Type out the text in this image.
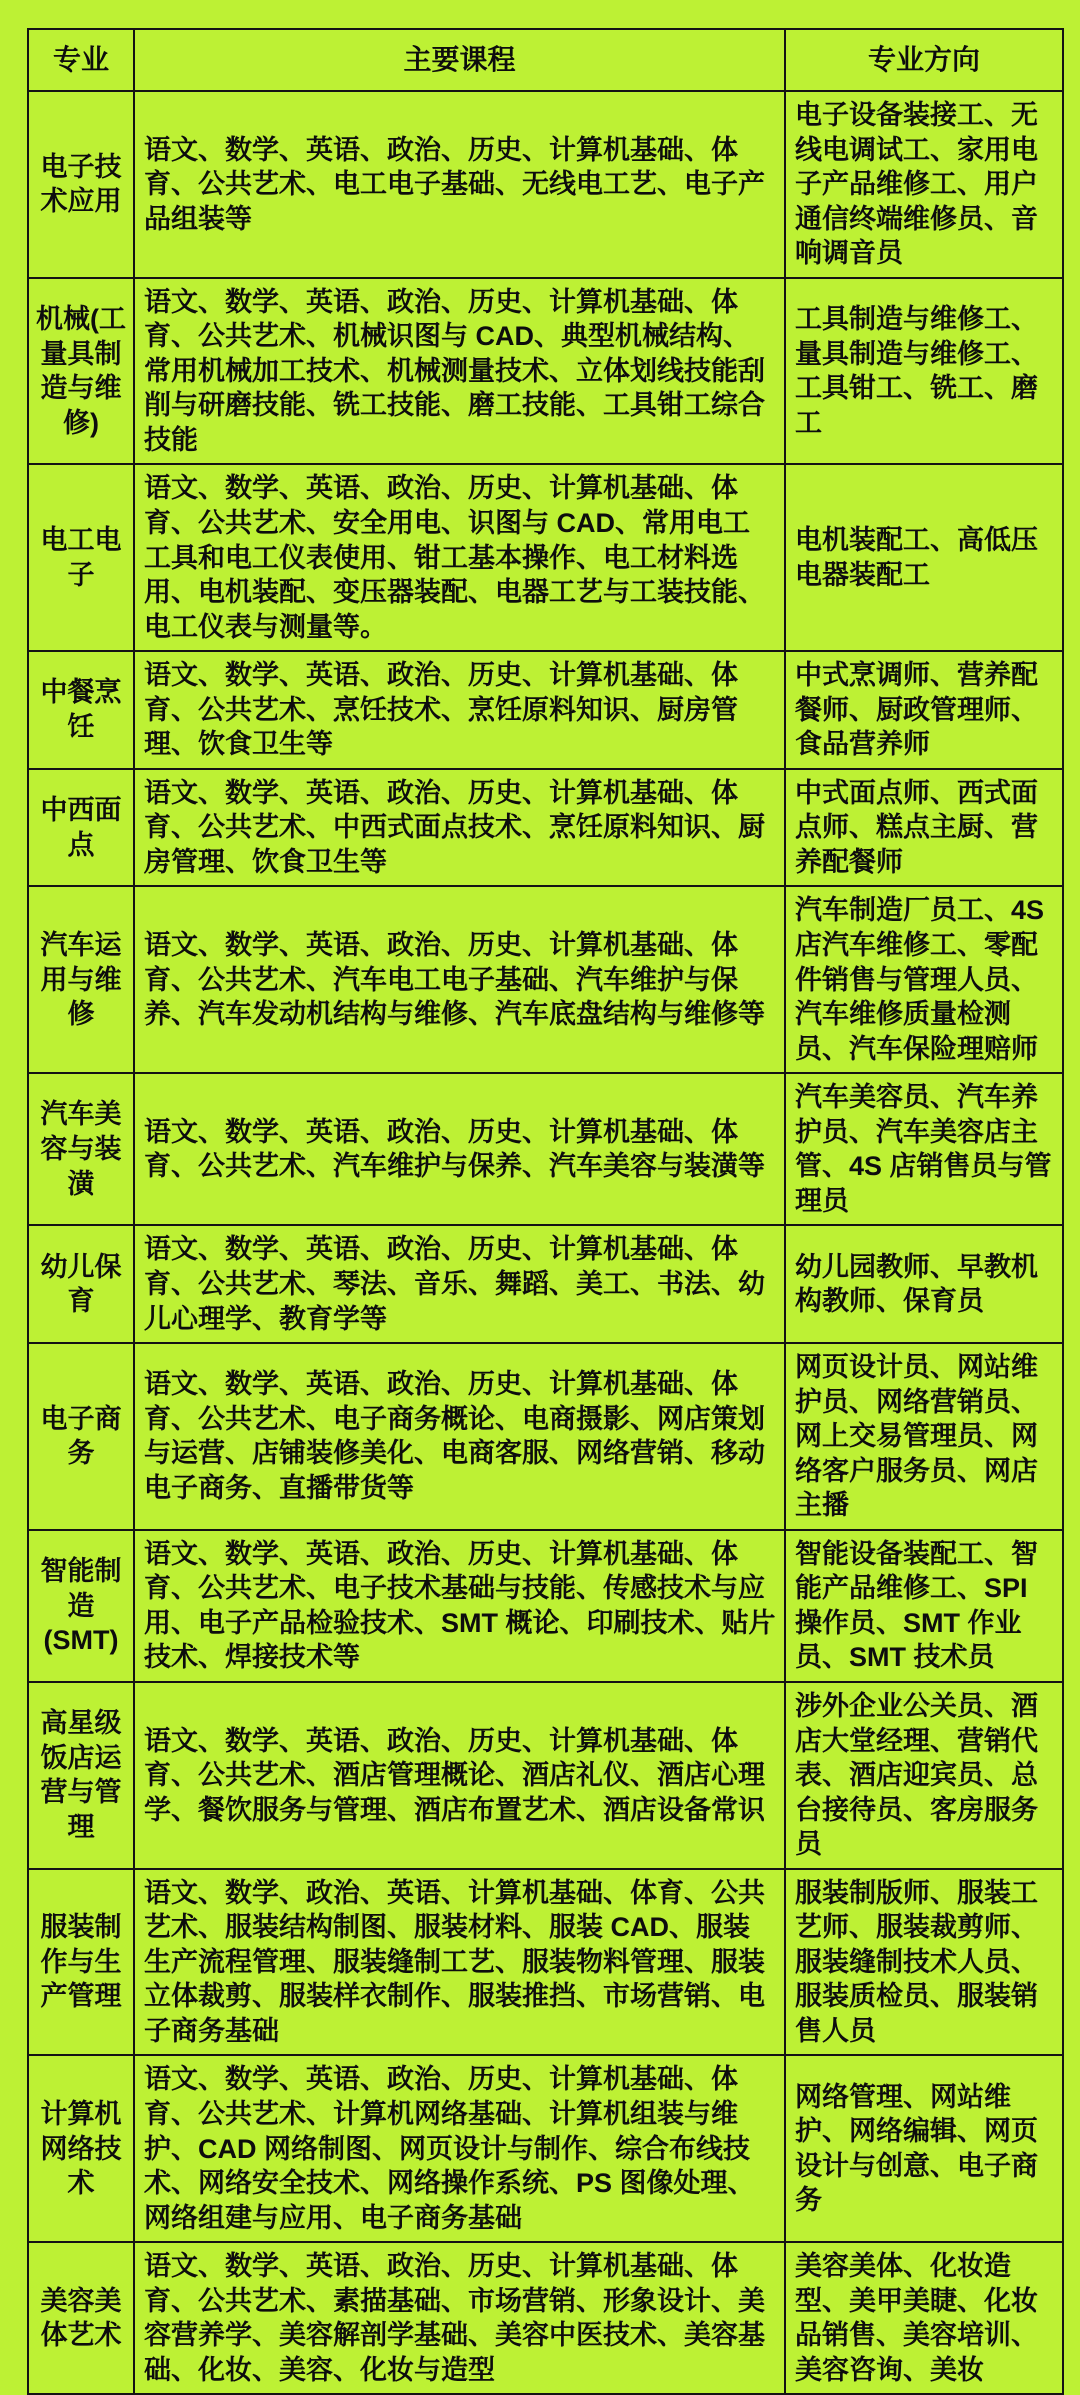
专业	主要课程	专业方向
电子技术应用	语文、数学、英语、政治、历史、计算机基础、体育、公共艺术、电工电子基础、无线电工艺、电子产品组装等	电子设备装接工、无线电调试工、家用电子产品维修工、用户通信终端维修员、音响调音员
机械(工量具制造与维修)	语文、数学、英语、政治、历史、计算机基础、体育、公共艺术、机械识图与 CAD、典型机械结构、常用机械加工技术、机械测量技术、立体划线技能刮削与研磨技能、铣工技能、磨工技能、工具钳工综合技能	工具制造与维修工、量具制造与维修工、工具钳工、铣工、磨工
电工电子	语文、数学、英语、政治、历史、计算机基础、体育、公共艺术、安全用电、识图与 CAD、常用电工工具和电工仪表使用、钳工基本操作、电工材料选用、电机装配、变压器装配、电器工艺与工装技能、电工仪表与测量等。	电机装配工、高低压电器装配工
中餐烹饪	语文、数学、英语、政治、历史、计算机基础、体育、公共艺术、烹饪技术、烹饪原料知识、厨房管理、饮食卫生等	中式烹调师、营养配餐师、厨政管理师、食品营养师
中西面点	语文、数学、英语、政治、历史、计算机基础、体育、公共艺术、中西式面点技术、烹饪原料知识、厨房管理、饮食卫生等	中式面点师、西式面点师、糕点主厨、营养配餐师
汽车运用与维修	语文、数学、英语、政治、历史、计算机基础、体育、公共艺术、汽车电工电子基础、汽车维护与保养、汽车发动机结构与维修、汽车底盘结构与维修等	汽车制造厂员工、4S 店汽车维修工、零配件销售与管理人员、汽车维修质量检测员、汽车保险理赔师
汽车美容与装潢	语文、数学、英语、政治、历史、计算机基础、体育、公共艺术、汽车维护与保养、汽车美容与装潢等	汽车美容员、汽车养护员、汽车美容店主管、4S 店销售员与管理员
幼儿保育	语文、数学、英语、政治、历史、计算机基础、体育、公共艺术、琴法、音乐、舞蹈、美工、书法、幼儿心理学、教育学等	幼儿园教师、早教机构教师、保育员
电子商务	语文、数学、英语、政治、历史、计算机基础、体育、公共艺术、电子商务概论、电商摄影、网店策划与运营、店铺装修美化、电商客服、网络营销、移动电子商务、直播带货等	网页设计员、网站维护员、网络营销员、网上交易管理员、网络客户服务员、网店主播
智能制造(SMT)	语文、数学、英语、政治、历史、计算机基础、体育、公共艺术、电子技术基础与技能、传感技术与应用、电子产品检验技术、SMT 概论、印刷技术、贴片技术、焊接技术等	智能设备装配工、智能产品维修工、SPI 操作员、SMT 作业员、SMT 技术员
高星级饭店运营与管理	语文、数学、英语、政治、历史、计算机基础、体育、公共艺术、酒店管理概论、酒店礼仪、酒店心理学、餐饮服务与管理、酒店布置艺术、酒店设备常识	涉外企业公关员、酒店大堂经理、营销代表、酒店迎宾员、总台接待员、客房服务员
服装制作与生产管理	语文、数学、政治、英语、计算机基础、体育、公共艺术、服装结构制图、服装材料、服装 CAD、服装生产流程管理、服装缝制工艺、服装物料管理、服装立体裁剪、服装样衣制作、服装推挡、市场营销、电子商务基础	服装制版师、服装工艺师、服装裁剪师、服装缝制技术人员、服装质检员、服装销售人员
计算机网络技术	语文、数学、英语、政治、历史、计算机基础、体育、公共艺术、计算机网络基础、计算机组装与维护、CAD 网络制图、网页设计与制作、综合布线技术、网络安全技术、网络操作系统、PS 图像处理、网络组建与应用、电子商务基础	网络管理、网站维护、网络编辑、网页设计与创意、电子商务
美容美体艺术	语文、数学、英语、政治、历史、计算机基础、体育、公共艺术、素描基础、市场营销、形象设计、美容营养学、美容解剖学基础、美容中医技术、美容基础、化妆、美容、化妆与造型	美容美体、化妆造型、美甲美睫、化妆品销售、美容培训、美容咨询、美妆
